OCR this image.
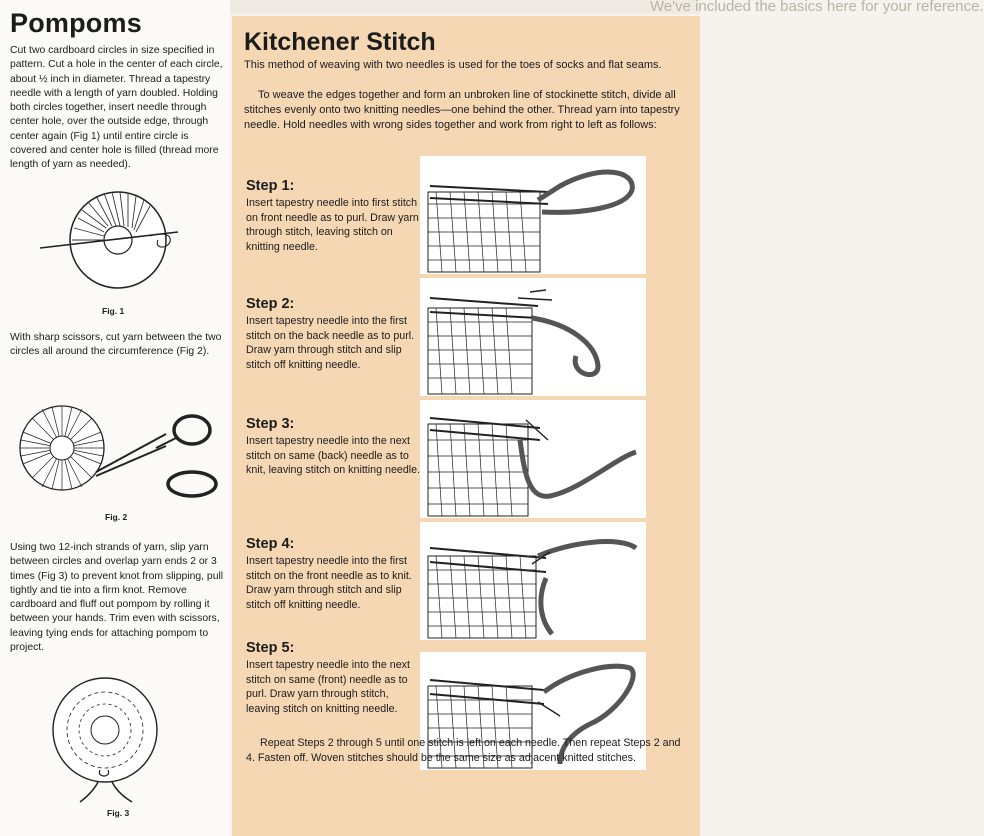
We've included the basics here for your reference.
Pompoms

Cut two cardboard circles in size specified in pattern. Cut a hole in the center of each circle, about ½ inch in diameter. Thread a tapestry needle with a length of yarn doubled. Holding both circles together, insert needle through center hole, over the outside edge, through center again (Fig 1) until entire circle is covered and center hole is filled (thread more length of yarn as needed).

Fig. 1

With sharp scissors, cut yarn between the two circles all around the circumference (Fig 2).

Fig. 2

Using two 12-inch strands of yarn, slip yarn between circles and overlap yarn ends 2 or 3 times (Fig 3) to prevent knot from slipping, pull tightly and tie into a firm knot. Remove cardboard and fluff out pompom by rolling it between your hands. Trim even with scissors, leaving tying ends for attaching pompom to project.

Fig. 3
Kitchener Stitch

This method of weaving with two needles is used for the toes of socks and flat seams.

To weave the edges together and form an unbroken line of stockinette stitch, divide all stitches evenly onto two knitting needles—one behind the other. Thread yarn into tapestry needle. Hold needles with wrong sides together and work from right to left as follows:

Step 1:

Insert tapestry needle into first stitch on front needle as to purl. Draw yarn through stitch, leaving stitch on knitting needle.

Step 2:

Insert tapestry needle into the first stitch on the back needle as to purl. Draw yarn through stitch and slip stitch off knitting needle.

Step 3:

Insert tapestry needle into the next stitch on same (back) needle as to knit, leaving stitch on knitting needle.

Step 4:

Insert tapestry needle into the first stitch on the front needle as to knit. Draw yarn through stitch and slip stitch off knitting needle.

Step 5:

Insert tapestry needle into the next stitch on same (front) needle as to purl. Draw yarn through stitch, leaving stitch on knitting needle.

Repeat Steps 2 through 5 until one stitch is left on each needle. Then repeat Steps 2 and 4. Fasten off. Woven stitches should be the same size as adjacent knitted stitches.
